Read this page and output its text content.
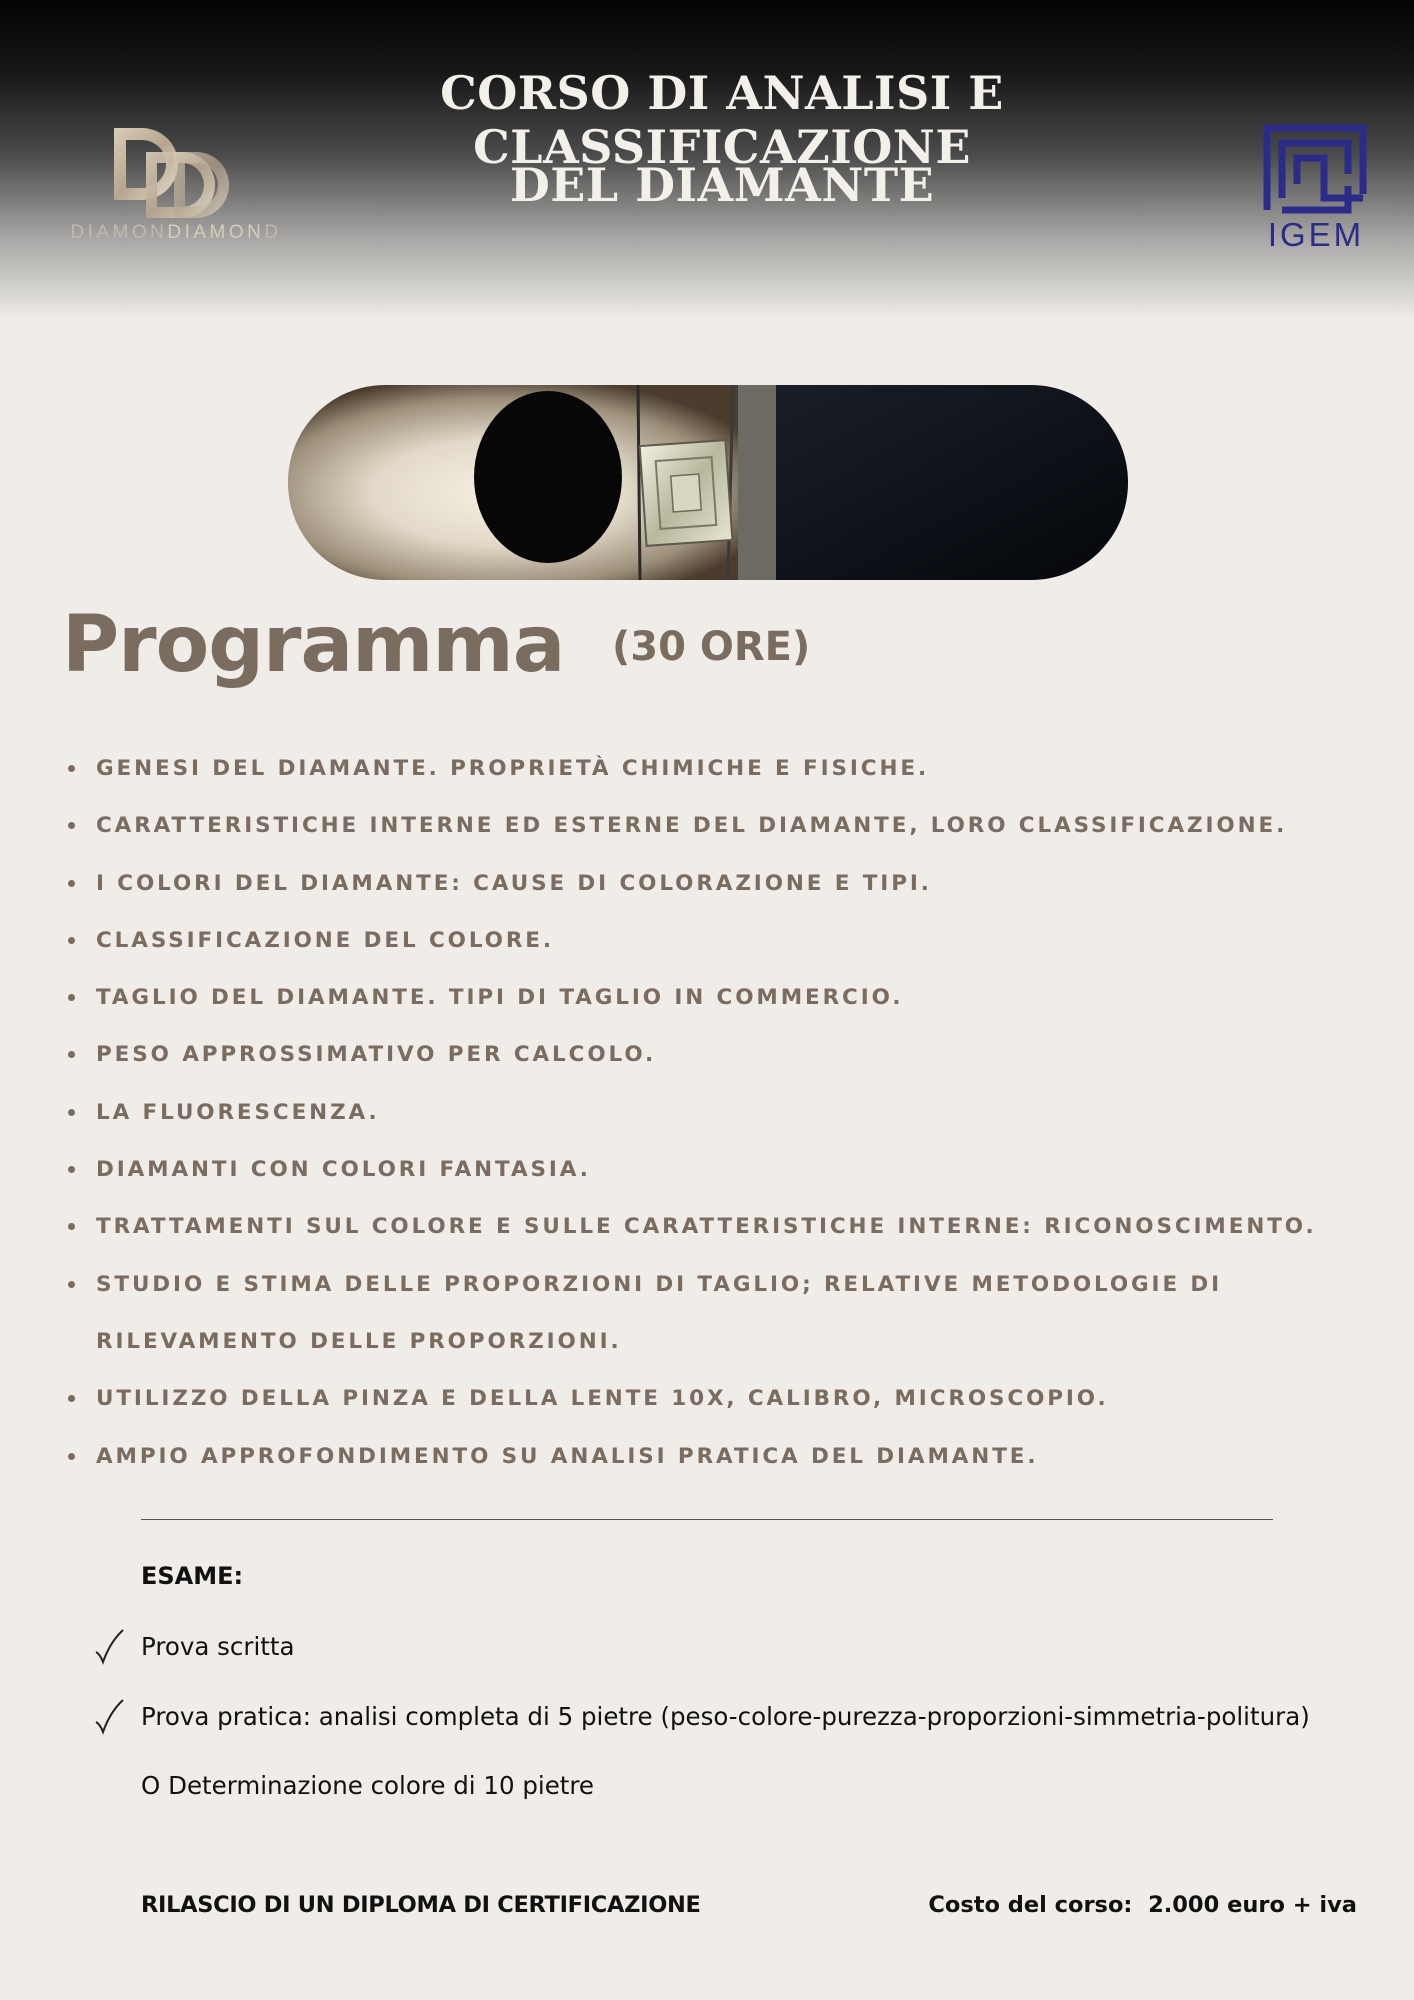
CORSO DI ANALISI E CLASSIFICAZIONE
DEL DIAMANTE
DIAMONDIAMOND	IGEM
Programma (30 ORE)
GENESI DEL DIAMANTE. PROPRIETÀ CHIMICHE E FISICHE.
CARATTERISTICHE INTERNE ED ESTERNE DEL DIAMANTE, LORO CLASSIFICAZIONE.
I COLORI DEL DIAMANTE: CAUSE DI COLORAZIONE E TIPI.
CLASSIFICAZIONE DEL COLORE.
TAGLIO DEL DIAMANTE. TIPI DI TAGLIO IN COMMERCIO.
PESO APPROSSIMATIVO PER CALCOLO.
LA FLUORESCENZA.
DIAMANTI CON COLORI FANTASIA.
TRATTAMENTI SUL COLORE E SULLE CARATTERISTICHE INTERNE: RICONOSCIMENTO.
STUDIO E STIMA DELLE PROPORZIONI DI TAGLIO; RELATIVE METODOLOGIE DI RILEVAMENTO DELLE PROPORZIONI.
UTILIZZO DELLA PINZA E DELLA LENTE 10X, CALIBRO, MICROSCOPIO.
AMPIO APPROFONDIMENTO SU ANALISI PRATICA DEL DIAMANTE.
ESAME:
Prova scritta
Prova pratica: analisi completa di 5 pietre (peso-colore-purezza-proporzioni-simmetria-politura)
O Determinazione colore di 10 pietre
RILASCIO DI UN DIPLOMA DI CERTIFICAZIONE	Costo del corso:  2.000 euro + iva
